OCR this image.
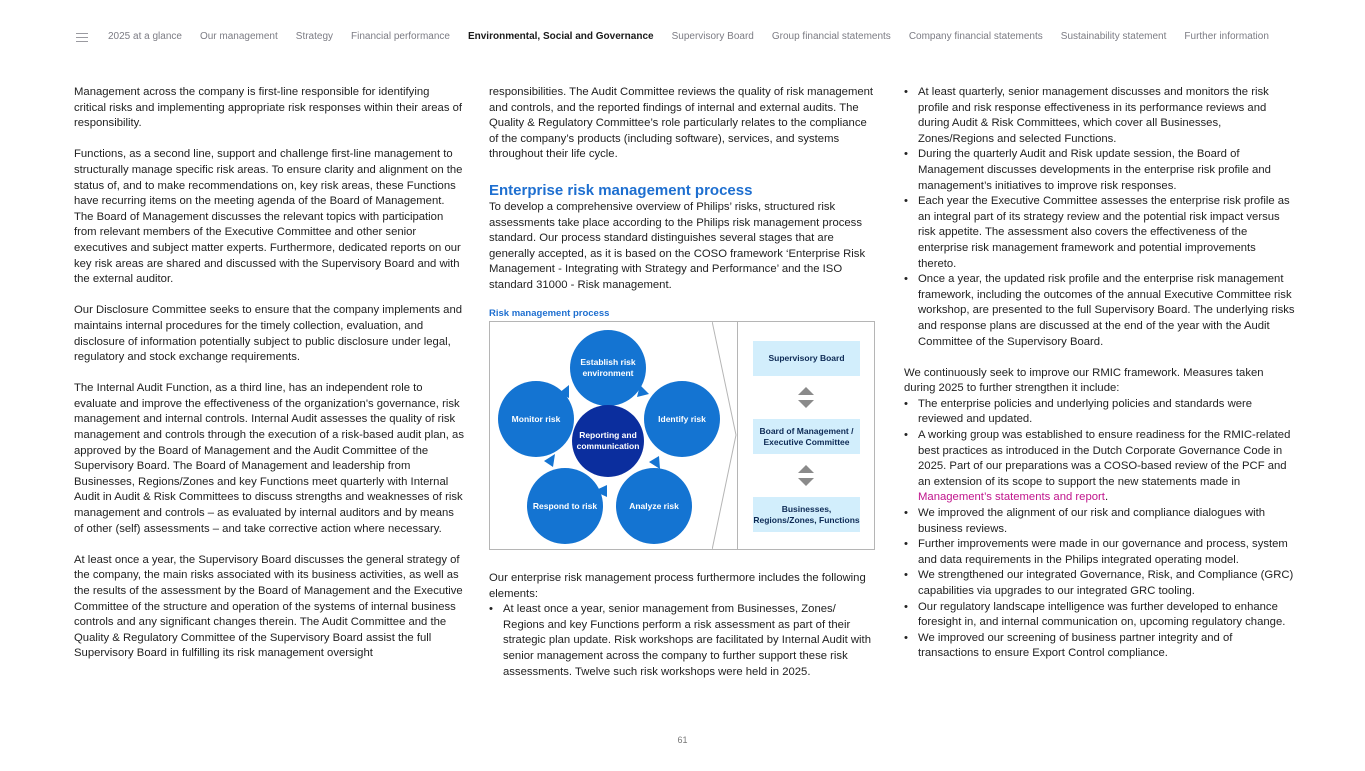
2025 at a glance Our management Strategy Financial performance Environmental, Social and Governance Supervisory Board Group financial statements Company financial statements Sustainability statement Further information

Management across the company is first-line responsible for identifying critical risks and implementing appropriate risk responses within their areas of responsibility.

Functions, as a second line, support and challenge first-line management to structurally manage specific risk areas. To ensure clarity and alignment on the status of, and to make recommendations on, key risk areas, these Functions have recurring items on the meeting agenda of the Board of Management. The Board of Management discusses the relevant topics with participation from relevant members of the Executive Committee and other senior executives and subject matter experts. Furthermore, dedicated reports on our key risk areas are shared and discussed with the Supervisory Board and with the external auditor.

Our Disclosure Committee seeks to ensure that the company implements and maintains internal procedures for the timely collection, evaluation, and disclosure of information potentially subject to public disclosure under legal, regulatory and stock exchange requirements.

The Internal Audit Function, as a third line, has an independent role to evaluate and improve the effectiveness of the organization's governance, risk management and internal controls. Internal Audit assesses the quality of risk management and controls through the execution of a risk-based audit plan, as approved by the Board of Management and the Audit Committee of the Supervisory Board. The Board of Management and leadership from Businesses, Regions/Zones and key Functions meet quarterly with Internal Audit in Audit & Risk Committees to discuss strengths and weaknesses of risk management and controls – as evaluated by internal auditors and by means of other (self) assessments – and take corrective action where necessary.

At least once a year, the Supervisory Board discusses the general strategy of the company, the main risks associated with its business activities, as well as the results of the assessment by the Board of Management and the Executive Committee of the structure and operation of the systems of internal business controls and any significant changes therein. The Audit Committee and the Quality & Regulatory Committee of the Supervisory Board assist the full Supervisory Board in fulfilling its risk management oversight

responsibilities. The Audit Committee reviews the quality of risk management and controls, and the reported findings of internal and external audits. The Quality & Regulatory Committee’s role particularly relates to the compliance of the company’s products (including software), services, and systems throughout their life cycle.

Enterprise risk management process

To develop a comprehensive overview of Philips’ risks, structured risk assessments take place according to the Philips risk management process standard. Our process standard distinguishes several stages that are generally accepted, as it is based on the COSO framework ‘Enterprise Risk Management - Integrating with Strategy and Performance’ and the ISO standard 31000 - Risk management.

Our enterprise risk management process furthermore includes the following elements:

• At least once a year, senior management from Businesses, Zones/ Regions and key Functions perform a risk assessment as part of their strategic plan update. Risk workshops are facilitated by Internal Audit with senior management across the company to further support these risk assessments. Twelve such risk workshops were held in 2025.
Risk management process
Establish risk environment
Identify risk
Analyze risk
Respond to risk
Monitor risk
Reporting and communication
Supervisory Board
Board of Management / Executive Committee
Businesses, Regions/Zones, Functions
• At least quarterly, senior management discusses and monitors the risk profile and risk response effectiveness in its performance reviews and during Audit & Risk Committees, which cover all Businesses, Zones/Regions and selected Functions.
• During the quarterly Audit and Risk update session, the Board of Management discusses developments in the enterprise risk profile and management’s initiatives to improve risk responses.
• Each year the Executive Committee assesses the enterprise risk profile as an integral part of its strategy review and the potential risk impact versus risk appetite. The assessment also covers the effectiveness of the enterprise risk management framework and potential improvements thereto.
• Once a year, the updated risk profile and the enterprise risk management framework, including the outcomes of the annual Executive Committee risk workshop, are presented to the full Supervisory Board. The underlying risks and response plans are discussed at the end of the year with the Audit Committee of the Supervisory Board.

We continuously seek to improve our RMIC framework. Measures taken during 2025 to further strengthen it include:

• The enterprise policies and underlying policies and standards were reviewed and updated.
• A working group was established to ensure readiness for the RMIC-related best practices as introduced in the Dutch Corporate Governance Code in 2025. Part of our preparations was a COSO-based review of the PCF and an extension of its scope to support the new statements made in Management’s statements and report.
• We improved the alignment of our risk and compliance dialogues with business reviews.
• Further improvements were made in our governance and process, system and data requirements in the Philips integrated operating model.
• We strengthened our integrated Governance, Risk, and Compliance (GRC) capabilities via upgrades to our integrated GRC tooling.
• Our regulatory landscape intelligence was further developed to enhance foresight in, and internal communication on, upcoming regulatory change.
• We improved our screening of business partner integrity and of transactions to ensure Export Control compliance.
61
